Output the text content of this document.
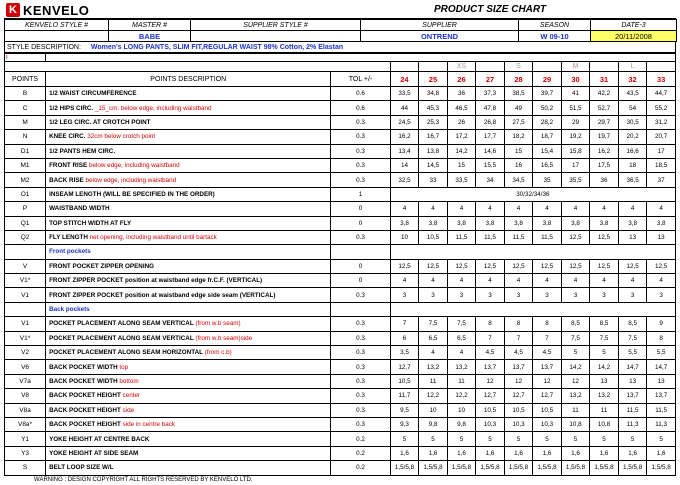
K KENVELO	PRODUCT SIZE CHART
KENVELO STYLE #	MASTER #	SUPPLIER STYLE #	SUPPLIER	SEASON	DATE-3
	BABE		ONTREND	W 09-10	20/11/2008
STYLE DESCRIPTION: Women's LONG PANTS, SLIM FIT,REGULAR WAIST 98% Cotton, 2% Elastan
I												
					XS		S		M		L	
POINTS	POINTS DESCRIPTION	TOL +/-	24	25	26	27	28	29	30	31	32	33
B	1/2 WAIST CIRCUMFERENCE	0.6	33,5	34,8	36	37,3	38,5	39,7	41	42,2	43,5	44,7
C	1/2 HIPS CIRC. _15_cm. below edge, including waistband	0.6	44	45,3	46,5	47,8	49	50,2	51,5	52,7	54	55,2
M	1/2 LEG CIRC. AT CROTCH POINT	0.3	24,5	25,3	26	26,8	27,5	28,2	29	29,7	30,5	31,2
N	KNEE CIRC. 32cm below crotch point	0.3	16,2	16,7	17,2	17,7	18,2	18,7	19,2	19,7	20,2	20,7
D1	1/2 PANTS HEM CIRC.	0.3	13,4	13,8	14,2	14,6	15	15,4	15,8	16,2	16,6	17
M1	FRONT RISE below edge, including waistband	0.3	14	14,5	15	15,5	16	16,5	17	17,5	18	18,5
M2	BACK RISE below edge, including waistband	0.3	32,5	33	33,5	34	34,5	35	35,5	36	36,5	37
O1	INSEAM LENGTH (WILL BE SPECIFIED IN THE ORDER)	1	30/32/34/36									
P	WAISTBAND WIDTH	0	4	4	4	4	4	4	4	4	4	4
Q1	TOP STITCH WIDTH AT FLY	0	3,8	3,8	3,8	3,8	3,8	3,8	3,8	3,8	3,8	3,8
Q2	FLY LENGTH net opening, including waistband until bartack	0.3	10	10,5	11,5	11,5	11,5	11,5	12,5	12,5	13	13
	Front pockets											
V	FRONT POCKET ZIPPER OPENING	0	12,5	12,5	12,5	12,5	12,5	12,5	12,5	12,5	12,5	12,5
V1*	FRONT ZIPPER POCKET position at waistband edge fr.C.F. (VERTICAL)	0	4	4	4	4	4	4	4	4	4	4
V1	FRONT ZIPPER POCKET position at waistband edge side seam (VERTICAL)	0.3	3	3	3	3	3	3	3	3	3	3
	Back pockets											
V1	POCKET PLACEMENT ALONG SEAM VERTICAL (from w.b seam)	0.3	7	7,5	7,5	8	8	8	8,5	8,5	8,5	9
V1*	POCKET PLACEMENT ALONG SEAM VERTICAL (from w.b seam)side	0.3	6	6,5	6,5	7	7	7	7,5	7,5	7,5	8
V2	POCKET PLACEMENT ALONG SEAM HORIZONTAL (from c.b)	0.3	3,5	4	4	4,5	4,5	4,5	5	5	5,5	5,5
V6	BACK POCKET WIDTH top	0.3	12,7	13,2	13,2	13,7	13,7	13,7	14,2	14,2	14,7	14,7
V7a	BACK POCKET WIDTH bottom	0.3	10,5	11	11	12	12	12	12	13	13	13
V8	BACK POCKET HEIGHT center	0.3	11,7	12,2	12,2	12,7	12,7	12,7	13,2	13,2	13,7	13,7
V8a	BACK POCKET HEIGHT side	0.3	9,5	10	10	10,5	10,5	10,5	11	11	11,5	11,5
V8a*	BACK POCKET HEIGHT side in centre back	0.3	9,3	9,8	9,8	10,3	10,3	10,3	10,8	10,8	11,3	11,3
Y1	YOKE HEIGHT AT CENTRE BACK	0.2	5	5	5	5	5	5	5	5	5	5
Y3	YOKE HEIGHT AT SIDE SEAM	0.2	1,6	1,6	1,6	1,6	1,6	1,6	1,6	1,6	1,6	1,6
S	BELT LOOP SIZE W/L	0.2	1,5/5,8	1,5/5,8	1,5/5,8	1,5/5,8	1,5/5,8	1,5/5,8	1,5/5,8	1,5/5,8	1,5/5,8	1,5/5,8
WARNING : DESIGN COPYRIGHT ALL RIGHTS RESERVED BY KENVELO LTD.
